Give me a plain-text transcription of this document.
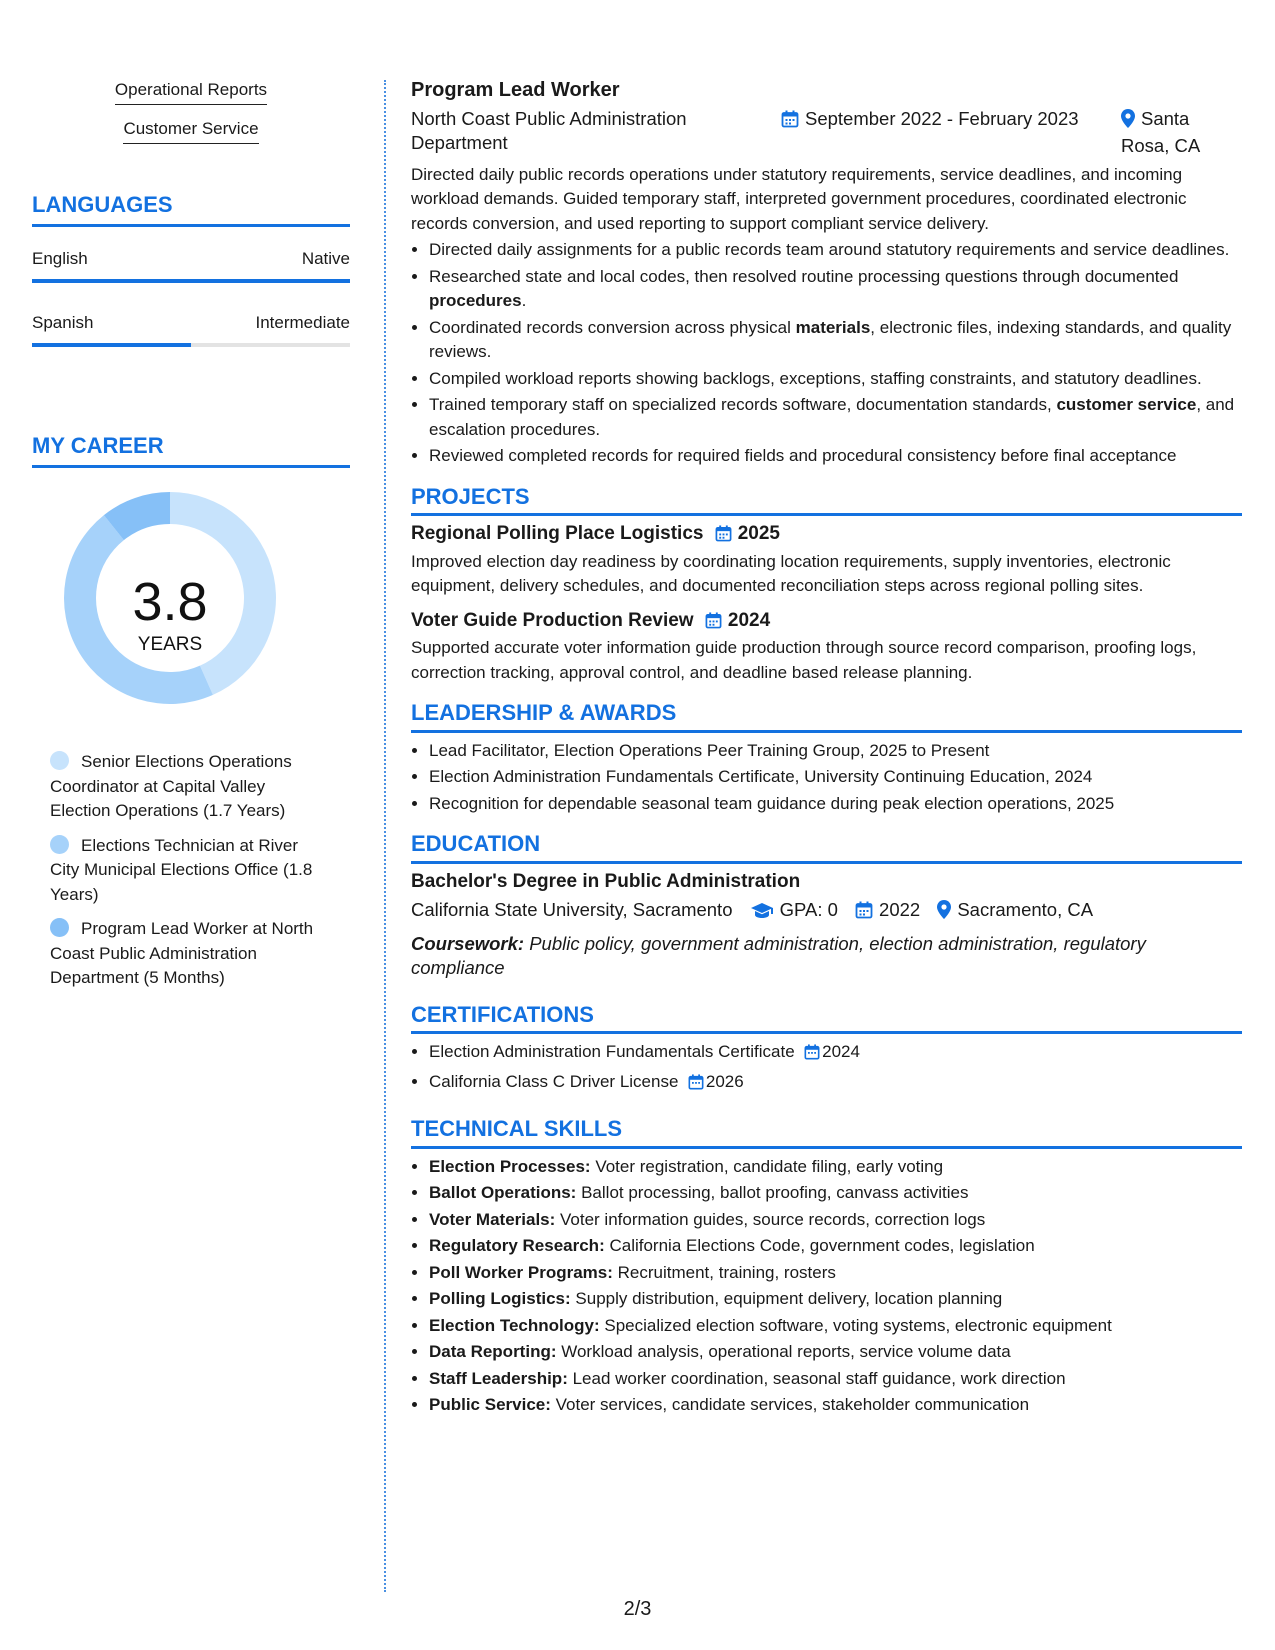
Operational Reports
Customer Service
LANGUAGES
English	Native
Spanish	Intermediate
MY CAREER
3.8
YEARS
Senior Elections Operations Coordinator at Capital Valley Election Operations (1.7 Years)
Elections Technician at River City Municipal Elections Office (1.8 Years)
Program Lead Worker at North Coast Public Administration Department (5 Months)
Program Lead Worker
North Coast Public Administration Department
September 2022 - February 2023	Santa Rosa, CA
Directed daily public records operations under statutory requirements, service deadlines, and incoming workload demands. Guided temporary staff, interpreted government procedures, coordinated electronic records conversion, and used reporting to support compliant service delivery.
• Directed daily assignments for a public records team around statutory requirements and service deadlines.
• Researched state and local codes, then resolved routine processing questions through documented procedures.
• Coordinated records conversion across physical materials, electronic files, indexing standards, and quality reviews.
• Compiled workload reports showing backlogs, exceptions, staffing constraints, and statutory deadlines.
• Trained temporary staff on specialized records software, documentation standards, customer service, and escalation procedures.
• Reviewed completed records for required fields and procedural consistency before final acceptance
PROJECTS
Regional Polling Place Logistics 2025
Improved election day readiness by coordinating location requirements, supply inventories, electronic equipment, delivery schedules, and documented reconciliation steps across regional polling sites.
Voter Guide Production Review 2024
Supported accurate voter information guide production through source record comparison, proofing logs, correction tracking, approval control, and deadline based release planning.
LEADERSHIP & AWARDS
• Lead Facilitator, Election Operations Peer Training Group, 2025 to Present
• Election Administration Fundamentals Certificate, University Continuing Education, 2024
• Recognition for dependable seasonal team guidance during peak election operations, 2025
EDUCATION
Bachelor's Degree in Public Administration
California State University, Sacramento	GPA: 0 2022 Sacramento, CA
Coursework: Public policy, government administration, election administration, regulatory compliance
CERTIFICATIONS
• Election Administration Fundamentals Certificate 2024
• California Class C Driver License 2026
TECHNICAL SKILLS
• Election Processes: Voter registration, candidate filing, early voting
• Ballot Operations: Ballot processing, ballot proofing, canvass activities
• Voter Materials: Voter information guides, source records, correction logs
• Regulatory Research: California Elections Code, government codes, legislation
• Poll Worker Programs: Recruitment, training, rosters
• Polling Logistics: Supply distribution, equipment delivery, location planning
• Election Technology: Specialized election software, voting systems, electronic equipment
• Data Reporting: Workload analysis, operational reports, service volume data
• Staff Leadership: Lead worker coordination, seasonal staff guidance, work direction
• Public Service: Voter services, candidate services, stakeholder communication
2/3
